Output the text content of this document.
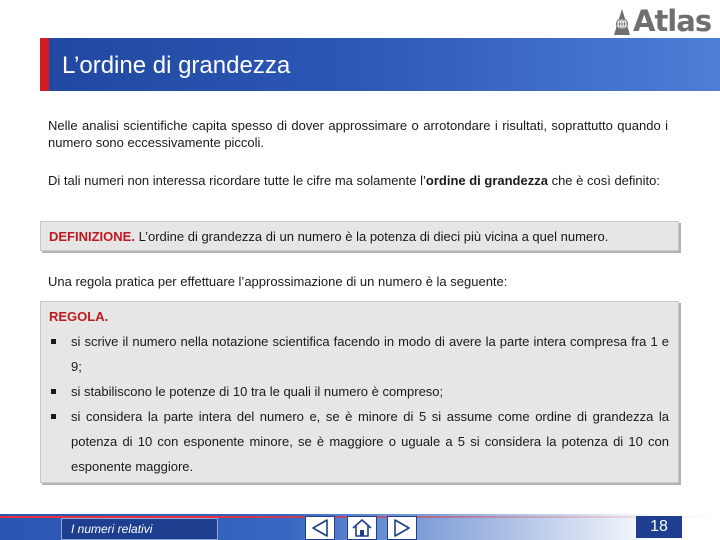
Atlas
L’ordine di grandezza

Nelle analisi scientifiche capita spesso di dover approssimare o arrotondare i risultati, soprattutto quando i numero sono eccessivamente piccoli.

Di tali numeri non interessa ricordare tutte le cifre ma solamente l’ordine di grandezza che è così definito:

DEFINIZIONE. L’ordine di grandezza di un numero è la potenza di dieci più vicina a quel numero.

Una regola pratica per effettuare l’approssimazione di un numero è la seguente:

REGOLA.
si scrive il numero nella notazione scientifica facendo in modo di avere la parte intera compresa fra 1 e 9;
si stabiliscono le potenze di 10 tra le quali il numero è compreso;
si considera la parte intera del numero e, se è minore di 5 si assume come ordine di grandezza la potenza di 10 con esponente minore, se è maggiore o uguale a 5 si considera la potenza di 10 con esponente maggiore.
I numeri relativi	18
